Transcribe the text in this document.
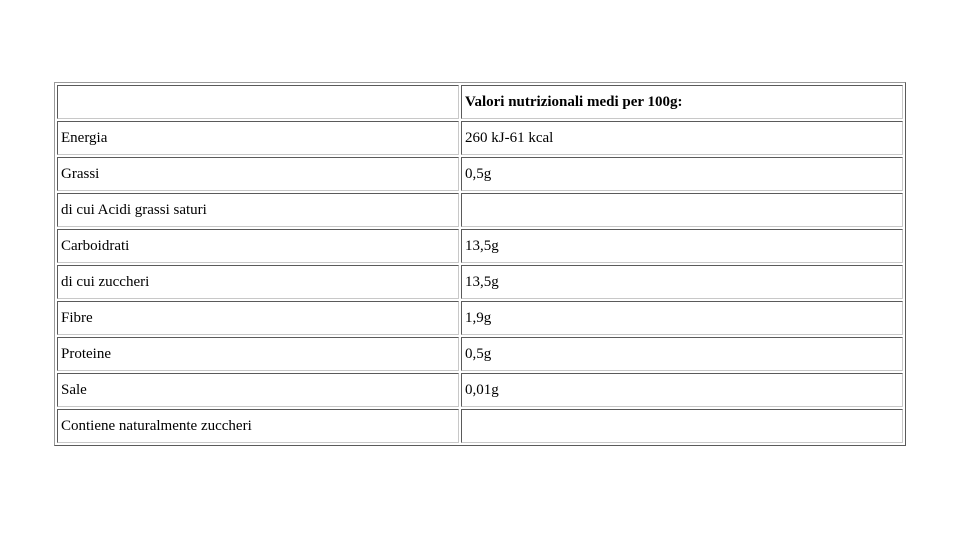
	Valori nutrizionali medi per 100g:
Energia	260 kJ-61 kcal
Grassi	0,5g
di cui Acidi grassi saturi	
Carboidrati	13,5g
di cui zuccheri	13,5g
Fibre	1,9g
Proteine	0,5g
Sale	0,01g
Contiene naturalmente zuccheri	
